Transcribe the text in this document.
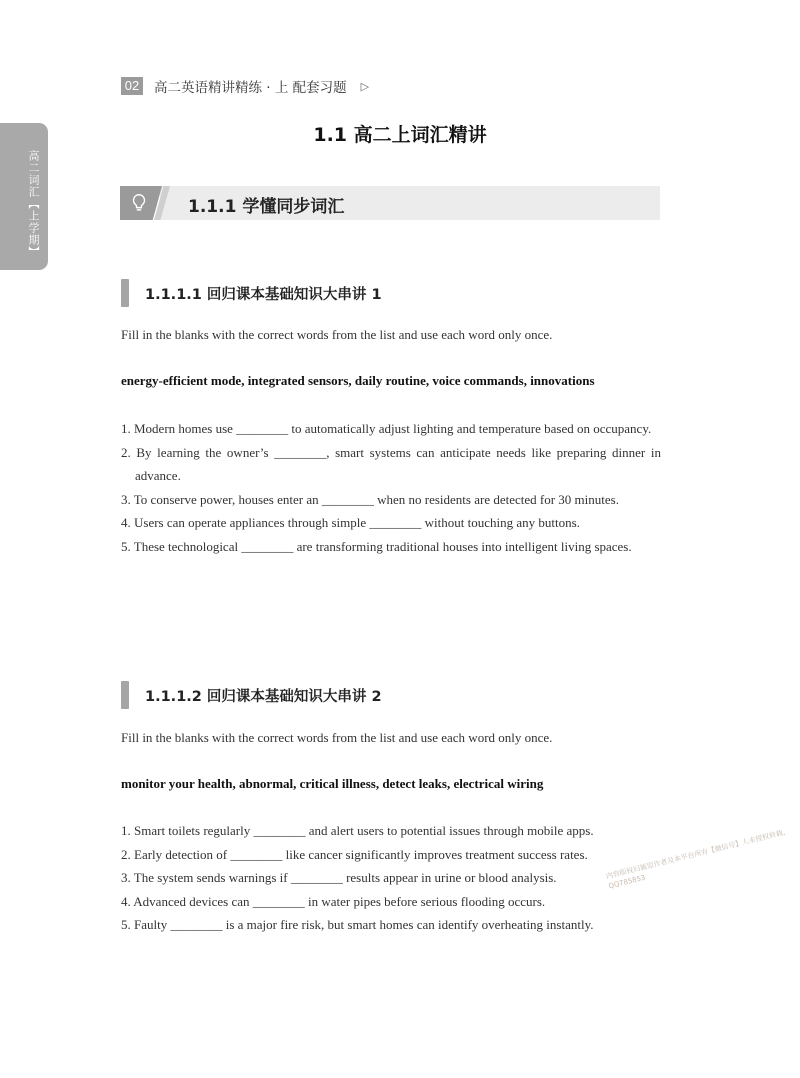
02 高二英语精讲精练 · 上 配套习题 ▷
高二词汇【上学期】
1.1 高二上词汇精讲
1.1.1 学懂同步词汇
1.1.1.1 回归课本基础知识大串讲 1
Fill in the blanks with the correct words from the list and use each word only once.
energy-efficient mode, integrated sensors, daily routine, voice commands, innovations
1. Modern homes use ________ to automatically adjust lighting and temperature based on occupancy.
2. By learning the owner’s ________, smart systems can anticipate needs like preparing dinner in advance.
3. To conserve power, houses enter an ________ when no residents are detected for 30 minutes.
4. Users can operate appliances through simple ________ without touching any buttons.
5. These technological ________ are transforming traditional houses into intelligent living spaces.
1.1.1.2 回归课本基础知识大串讲 2
Fill in the blanks with the correct words from the list and use each word only once.
monitor your health, abnormal, critical illness, detect leaks, electrical wiring
1. Smart toilets regularly ________ and alert users to potential issues through mobile apps.
2. Early detection of ________ like cancer significantly improves treatment success rates.
3. The system sends warnings if ________ results appear in urine or blood analysis.
4. Advanced devices can ________ in water pipes before serious flooding occurs.
5. Faulty ________ is a major fire risk, but smart homes can identify overheating instantly.
内容版权归属原作者及本平台所有【微信号】人未授权转载，QQ785853
